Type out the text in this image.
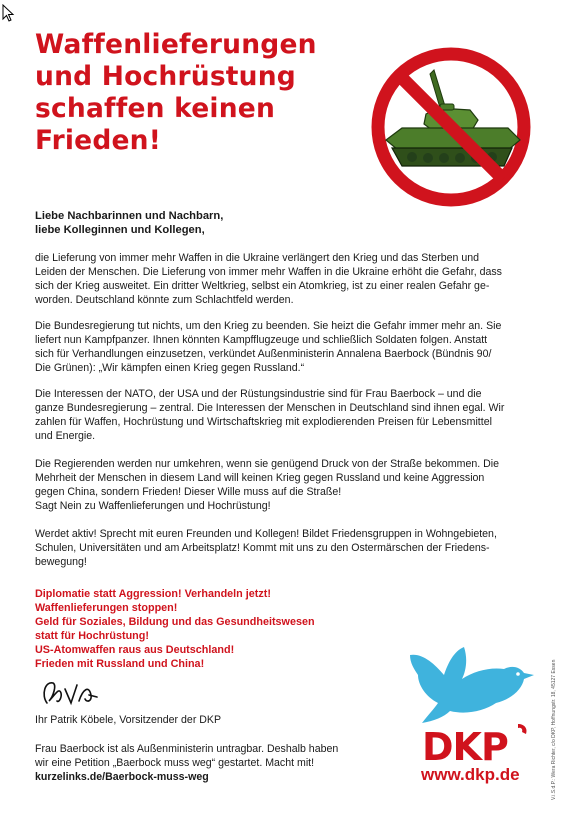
Waffenlieferungen
und Hochrüstung
schaffen keinen
Frieden!
Liebe Nachbarinnen und Nachbarn,
liebe Kolleginnen und Kollegen,
die Lieferung von immer mehr Waffen in die Ukraine verlängert den Krieg und das Sterben und
Leiden der Menschen. Die Lieferung von immer mehr Waffen in die Ukraine erhöht die Gefahr, dass
sich der Krieg ausweitet. Ein dritter Weltkrieg, selbst ein Atomkrieg, ist zu einer realen Gefahr ge-
worden. Deutschland könnte zum Schlachtfeld werden.
Die Bundesregierung tut nichts, um den Krieg zu beenden. Sie heizt die Gefahr immer mehr an. Sie
liefert nun Kampfpanzer. Ihnen könnten Kampfflugzeuge und schließlich Soldaten folgen. Anstatt
sich für Verhandlungen einzusetzen, verkündet Außenministerin Annalena Baerbock (Bündnis 90/
Die Grünen): „Wir kämpfen einen Krieg gegen Russland.“
Die Interessen der NATO, der USA und der Rüstungsindustrie sind für Frau Baerbock – und die
ganze Bundesregierung – zentral. Die Interessen der Menschen in Deutschland sind ihnen egal. Wir
zahlen für Waffen, Hochrüstung und Wirtschaftskrieg mit explodierenden Preisen für Lebensmittel
und Energie.
Die Regierenden werden nur umkehren, wenn sie genügend Druck von der Straße bekommen. Die
Mehrheit der Menschen in diesem Land will keinen Krieg gegen Russland und keine Aggression
gegen China, sondern Frieden! Dieser Wille muss auf die Straße!
Sagt Nein zu Waffenlieferungen und Hochrüstung!
Werdet aktiv! Sprecht mit euren Freunden und Kollegen! Bildet Friedensgruppen in Wohngebieten,
Schulen, Universitäten und am Arbeitsplatz! Kommt mit uns zu den Ostermärschen der Friedens-
bewegung!
Diplomatie statt Aggression! Verhandeln jetzt!
Waffenlieferungen stoppen!
Geld für Soziales, Bildung und das Gesundheitswesen
statt für Hochrüstung!
US-Atomwaffen raus aus Deutschland!
Frieden mit Russland und China!
Ihr Patrik Köbele, Vorsitzender der DKP
Frau Baerbock ist als Außenministerin untragbar. Deshalb haben
wir eine Petition „Baerbock muss weg“ gestartet. Macht mit!
kurzelinks.de/Baerbock-muss-weg
DKP
www.dkp.de	V.i.S.d.P.: Wera Richter, c/o DKP, Hoffnungstr. 18, 45127 Essen
